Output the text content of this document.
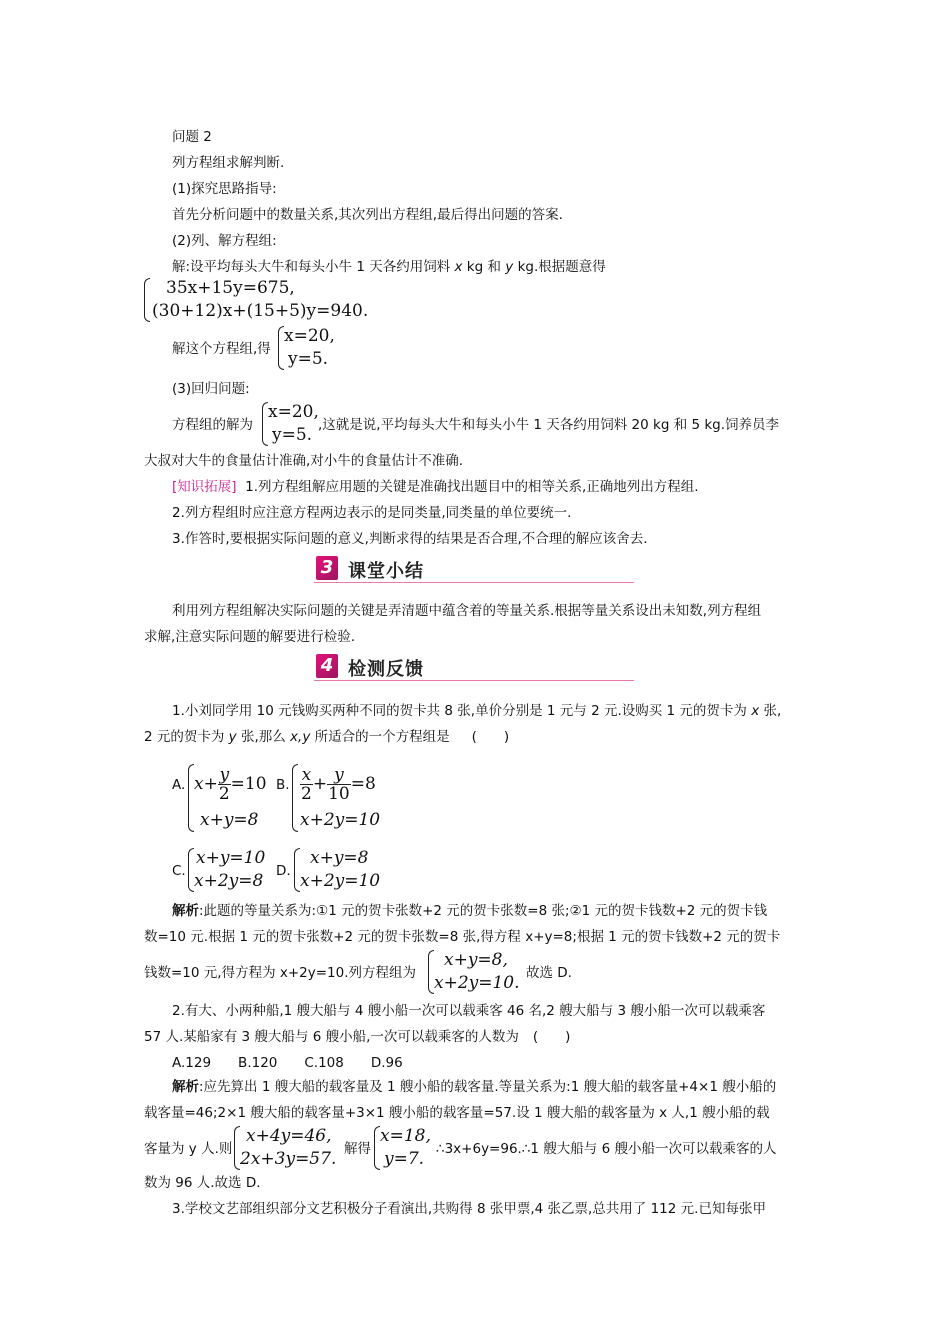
问题 2
列方程组求解判断.
(1)探究思路指导:
首先分析问题中的数量关系,其次列出方程组,最后得出问题的答案.
(2)列、解方程组:
解:设平均每头大牛和每头小牛 1 天各约用饲料 x kg 和 y kg.根据题意得
35x+15y=675,
(30+12)x+(15+5)y=940.
解这个方程组,得
x=20,
y=5.
(3)回归问题:
方程组的解为
x=20,
y=5. ,这就是说,平均每头大牛和每头小牛 1 天各约用饲料 20 kg 和 5 kg.饲养员李
大叔对大牛的食量估计准确,对小牛的食量估计不准确.
[知识拓展] 1.列方程组解应用题的关键是准确找出题目中的相等关系,正确地列出方程组.
2.列方程组时应注意方程两边表示的是同类量,同类量的单位要统一.
3.作答时,要根据实际问题的意义,判断求得的结果是否合理,不合理的解应该舍去.
3 课堂小结
利用列方程组解决实际问题的关键是弄清题中蕴含着的等量关系.根据等量关系设出未知数,列方程组
求解,注意实际问题的解要进行检验.
4 检测反馈
1.小刘同学用 10 元钱购买两种不同的贺卡共 8 张,单价分别是 1 元与 2 元.设购买 1 元的贺卡为 x 张,
2 元的贺卡为 y 张,那么 x,y 所适合的一个方程组是 (　　)
A. $x+ \frac{y}{2} =10$
x+y=8
B. $\frac{x}{2} + \frac{y}{10} =8$
x+2y=10
C.
x+y=10
x+2y=8 D.
x+y=8
x+2y=10
解析:此题的等量关系为:①1 元的贺卡张数+2 元的贺卡张数=8 张;②1 元的贺卡钱数+2 元的贺卡钱
数=10 元.根据 1 元的贺卡张数+2 元的贺卡张数=8 张,得方程 x+y=8;根据 1 元的贺卡钱数+2 元的贺卡
钱数=10 元,得方程为 x+2y=10.列方程组为
x+y=8,
x+2y=10. 故选 D.
2.有大、小两种船,1 艘大船与 4 艘小船一次可以载乘客 46 名,2 艘大船与 3 艘小船一次可以载乘客
57 人.某船家有 3 艘大船与 6 艘小船,一次可以载乘客的人数为 (　　)
A.129　　B.120　　C.108　　D.96
解析:应先算出 1 艘大船的载客量及 1 艘小船的载客量.等量关系为:1 艘大船的载客量+4×1 艘小船的
载客量=46;2×1 艘大船的载客量+3×1 艘小船的载客量=57.设 1 艘大船的载客量为 x 人,1 艘小船的载
客量为 y 人.则
x+4y=46,
2x+3y=57. 解得
x=18,
y=7. ∴3x+6y=96.∴1 艘大船与 6 艘小船一次可以载乘客的人
数为 96 人.故选 D.
3.学校文艺部组织部分文艺积极分子看演出,共购得 8 张甲票,4 张乙票,总共用了 112 元.已知每张甲
